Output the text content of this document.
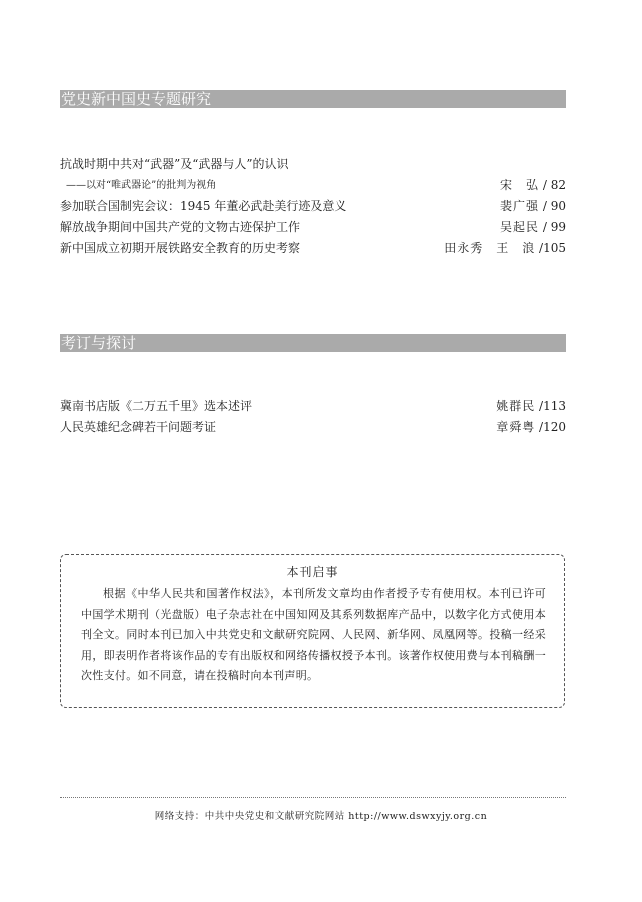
党史新中国史专题研究
抗战时期中共对“武器”及“武器与人”的认识
——以对“唯武器论”的批判为视角	宋　弘 / 82
参加联合国制宪会议：1945 年董必武赴美行迹及意义	裴广强 / 90
解放战争期间中国共产党的文物古迹保护工作	吴起民 / 99
新中国成立初期开展铁路安全教育的历史考察	田永秀　王　浪 /105
考订与探讨
冀南书店版《二万五千里》选本述评	姚群民 /113
人民英雄纪念碑若干问题考证	章舜粤 /120
本刊启事
根据《中华人民共和国著作权法》，本刊所发文章均由作者授予专有使用权。本刊已许可中国学术期刊（光盘版）电子杂志社在中国知网及其系列数据库产品中，以数字化方式使用本刊全文。同时本刊已加入中共党史和文献研究院网、人民网、新华网、凤凰网等。投稿一经采用，即表明作者将该作品的专有出版权和网络传播权授予本刊。该著作权使用费与本刊稿酬一次性支付。如不同意，请在投稿时向本刊声明。
网络支持：中共中央党史和文献研究院网站 http://www.dswxyjy.org.cn
